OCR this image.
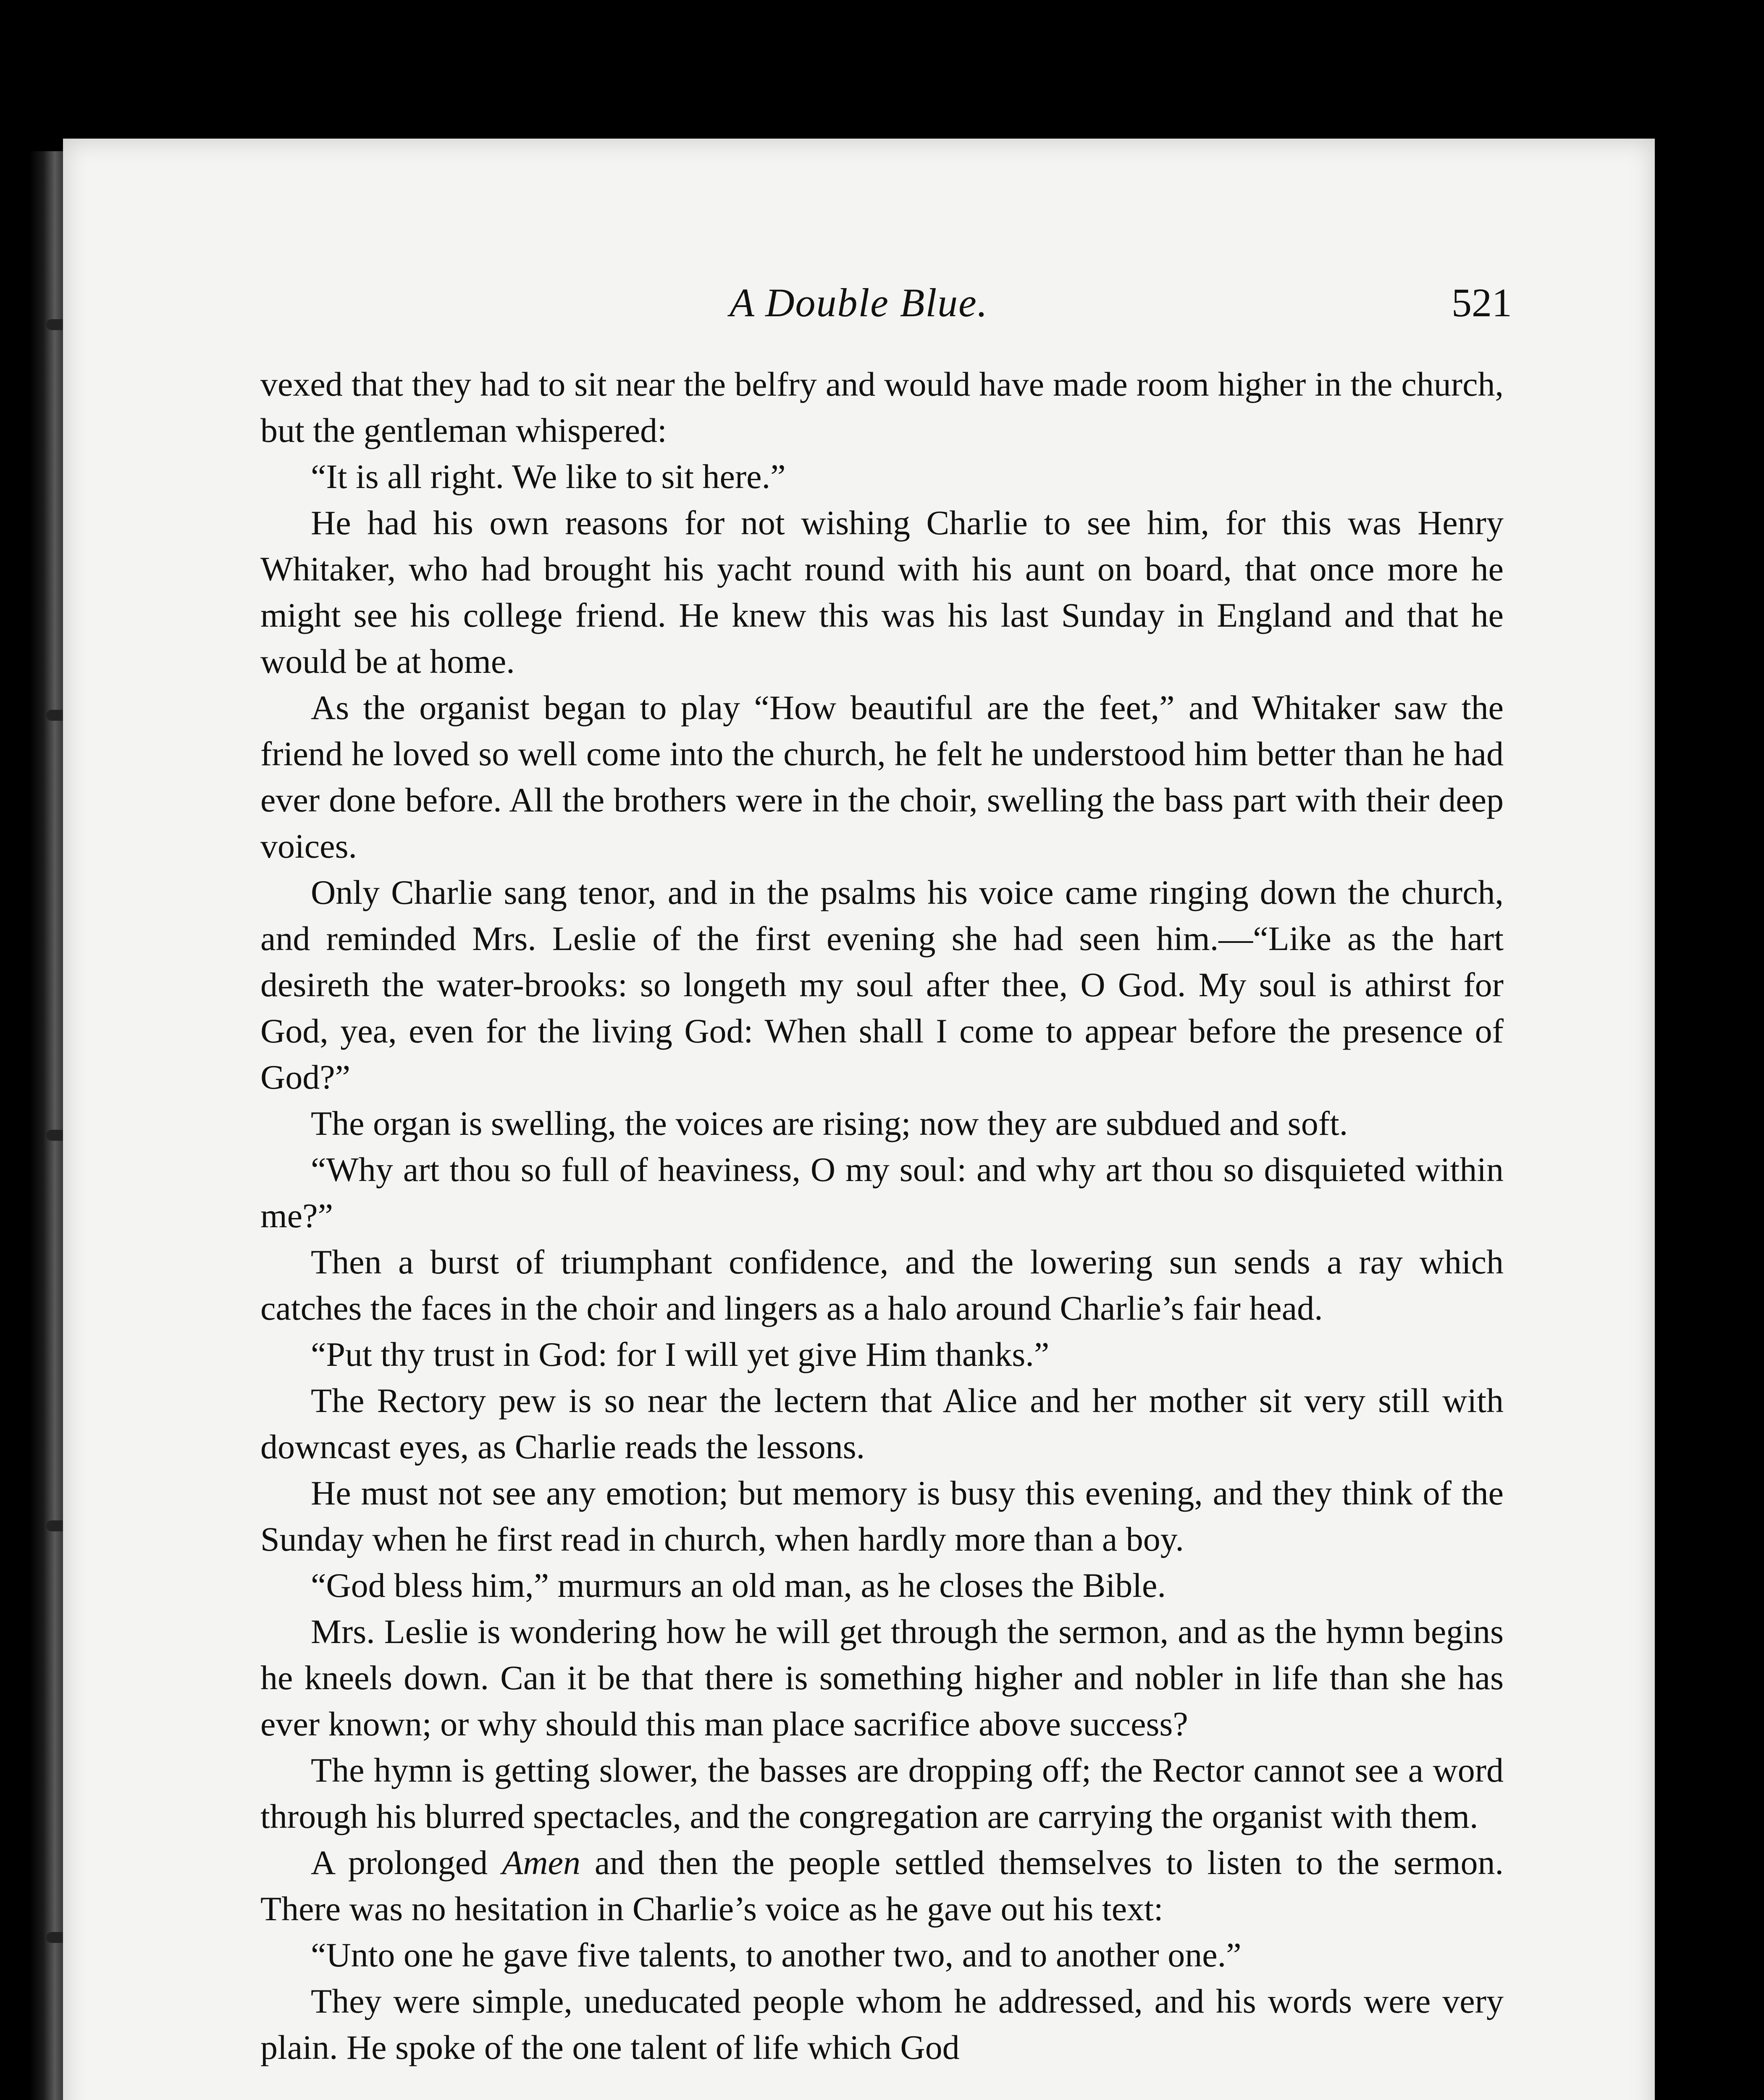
A Double Blue.	521

vexed that they had to sit near the belfry and would have made room higher in the church, but the gentleman whispered:

“It is all right. We like to sit here.”

He had his own reasons for not wishing Charlie to see him, for this was Henry Whitaker, who had brought his yacht round with his aunt on board, that once more he might see his college friend. He knew this was his last Sunday in England and that he would be at home.

As the organist began to play “How beautiful are the feet,” and Whitaker saw the friend he loved so well come into the church, he felt he understood him better than he had ever done before. All the brothers were in the choir, swelling the bass part with their deep voices.

Only Charlie sang tenor, and in the psalms his voice came ringing down the church, and reminded Mrs. Leslie of the first evening she had seen him.—“Like as the hart desireth the water-brooks: so longeth my soul after thee, O God. My soul is athirst for God, yea, even for the living God: When shall I come to appear before the presence of God?”

The organ is swelling, the voices are rising; now they are subdued and soft.

“Why art thou so full of heaviness, O my soul: and why art thou so disquieted within me?”

Then a burst of triumphant confidence, and the lowering sun sends a ray which catches the faces in the choir and lingers as a halo around Charlie’s fair head.

“Put thy trust in God: for I will yet give Him thanks.”

The Rectory pew is so near the lectern that Alice and her mother sit very still with downcast eyes, as Charlie reads the lessons.

He must not see any emotion; but memory is busy this evening, and they think of the Sunday when he first read in church, when hardly more than a boy.

“God bless him,” murmurs an old man, as he closes the Bible.

Mrs. Leslie is wondering how he will get through the sermon, and as the hymn begins he kneels down. Can it be that there is something higher and nobler in life than she has ever known; or why should this man place sacrifice above success?

The hymn is getting slower, the basses are dropping off; the Rector cannot see a word through his blurred spectacles, and the congregation are carrying the organist with them.

A prolonged Amen and then the people settled themselves to listen to the sermon. There was no hesitation in Charlie’s voice as he gave out his text:

“Unto one he gave five talents, to another two, and to another one.”

They were simple, uneducated people whom he addressed, and his words were very plain. He spoke of the one talent of life which God
